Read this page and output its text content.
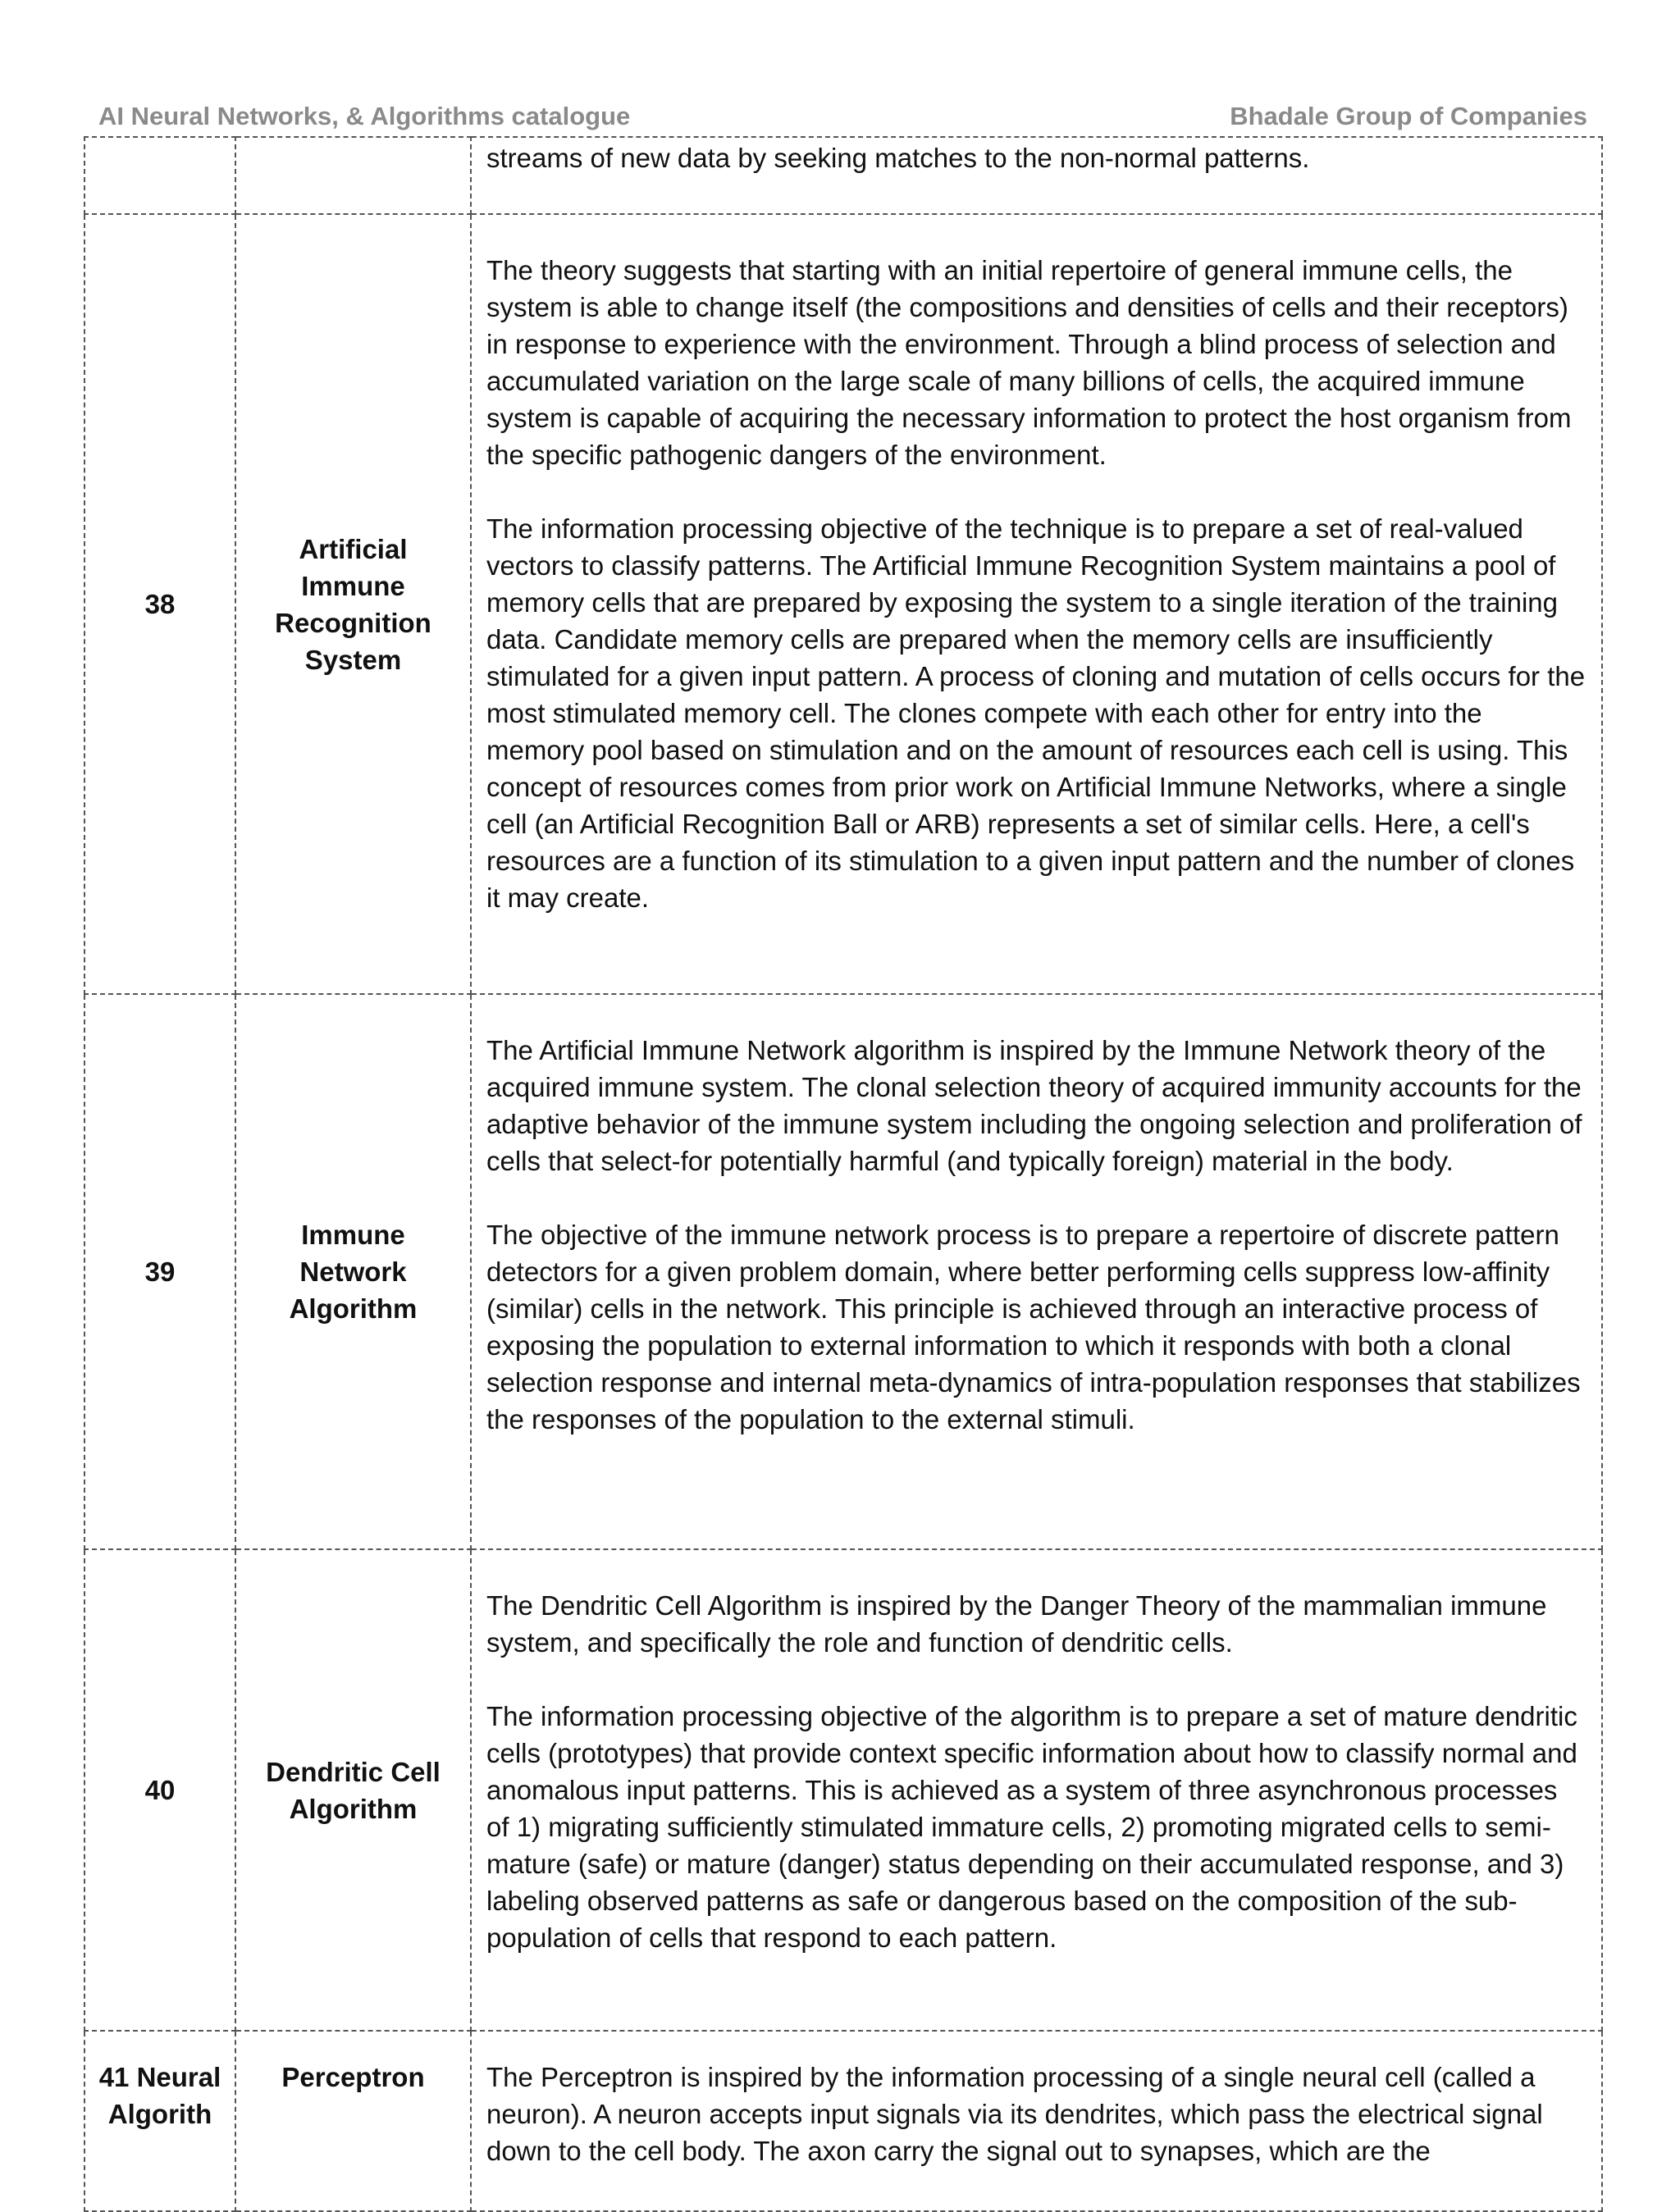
AI Neural Networks, & Algorithms catalogue	Bhadale Group of Companies

		streams of new data by seeking matches to the non-normal patterns.

38	Artificial Immune Recognition System	The theory suggests that starting with an initial repertoire of general immune cells, the system is able to change itself (the compositions and densities of cells and their receptors) in response to experience with the environment. Through a blind process of selection and accumulated variation on the large scale of many billions of cells, the acquired immune system is capable of acquiring the necessary information to protect the host organism from the specific pathogenic dangers of the environment.

The information processing objective of the technique is to prepare a set of real-valued vectors to classify patterns. The Artificial Immune Recognition System maintains a pool of memory cells that are prepared by exposing the system to a single iteration of the training data. Candidate memory cells are prepared when the memory cells are insufficiently stimulated for a given input pattern. A process of cloning and mutation of cells occurs for the most stimulated memory cell. The clones compete with each other for entry into the memory pool based on stimulation and on the amount of resources each cell is using. This concept of resources comes from prior work on Artificial Immune Networks, where a single cell (an Artificial Recognition Ball or ARB) represents a set of similar cells. Here, a cell's resources are a function of its stimulation to a given input pattern and the number of clones it may create.

39	Immune Network Algorithm	The Artificial Immune Network algorithm is inspired by the Immune Network theory of the acquired immune system. The clonal selection theory of acquired immunity accounts for the adaptive behavior of the immune system including the ongoing selection and proliferation of cells that select-for potentially harmful (and typically foreign) material in the body.

The objective of the immune network process is to prepare a repertoire of discrete pattern detectors for a given problem domain, where better performing cells suppress low-affinity (similar) cells in the network. This principle is achieved through an interactive process of exposing the population to external information to which it responds with both a clonal selection response and internal meta-dynamics of intra-population responses that stabilizes the responses of the population to the external stimuli.

40	Dendritic Cell Algorithm	The Dendritic Cell Algorithm is inspired by the Danger Theory of the mammalian immune system, and specifically the role and function of dendritic cells.

The information processing objective of the algorithm is to prepare a set of mature dendritic cells (prototypes) that provide context specific information about how to classify normal and anomalous input patterns. This is achieved as a system of three asynchronous processes of 1) migrating sufficiently stimulated immature cells, 2) promoting migrated cells to semi-mature (safe) or mature (danger) status depending on their accumulated response, and 3) labeling observed patterns as safe or dangerous based on the composition of the sub-population of cells that respond to each pattern.

41 Neural Algorith	Perceptron	The Perceptron is inspired by the information processing of a single neural cell (called a neuron). A neuron accepts input signals via its dendrites, which pass the electrical signal down to the cell body. The axon carry the signal out to synapses, which are the
